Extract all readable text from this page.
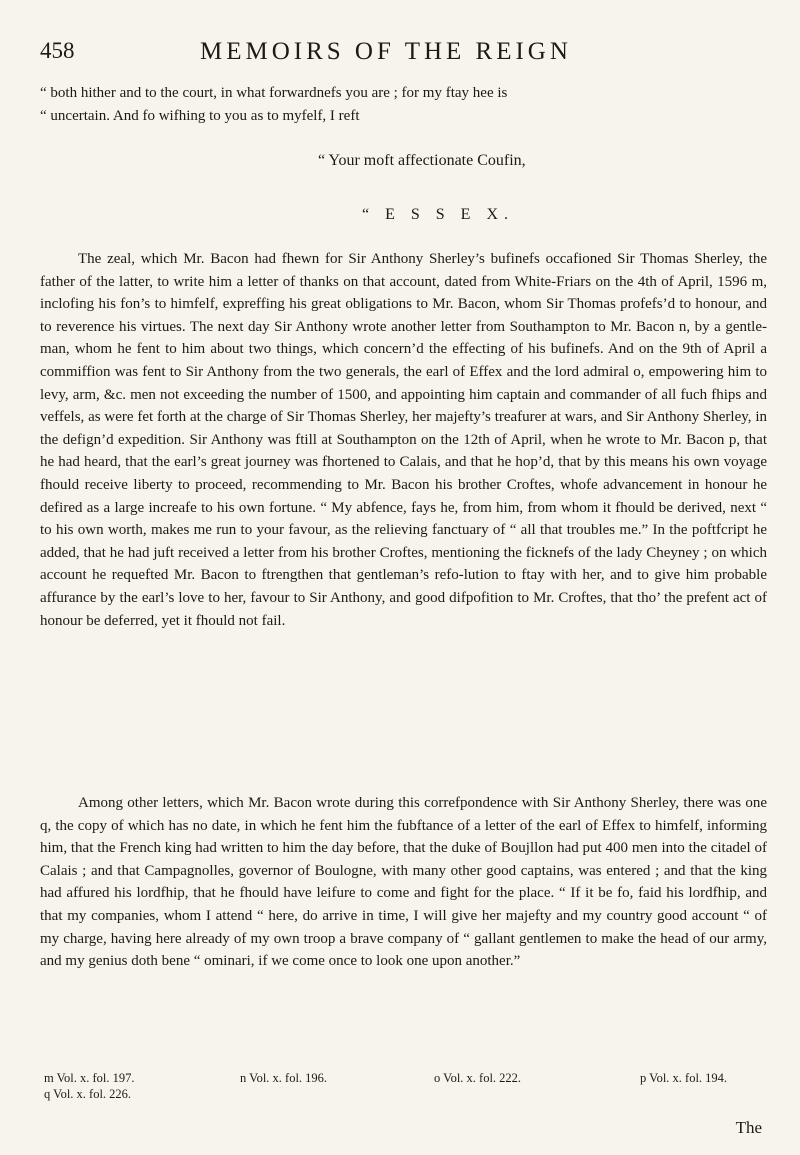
458	MEMOIRS OF THE REIGN
“ both hither and to the court, in what forwardnefs you are ; for my ftay hee is
“ uncertain. And fo wifhing to you as to myfelf, I reft
“ Your moft affectionate Coufin,
“ E S S E X.

The zeal, which Mr. Bacon had fhewn for Sir Anthony Sherley’s bufinefs occafioned Sir Thomas Sherley, the father of the latter, to write him a letter of thanks on that account, dated from White-Friars on the 4th of April, 1596 m, inclofing his fon’s to himfelf, expreffing his great obligations to Mr. Bacon, whom Sir Thomas profefs’d to honour, and to reverence his virtues. The next day Sir Anthony wrote another letter from Southampton to Mr. Bacon n, by a gentle-man, whom he fent to him about two things, which concern’d the effecting of his bufinefs. And on the 9th of April a commiffion was fent to Sir Anthony from the two generals, the earl of Effex and the lord admiral o, empowering him to levy, arm, &c. men not exceeding the number of 1500, and appointing him captain and commander of all fuch fhips and veffels, as were fet forth at the charge of Sir Thomas Sherley, her majefty’s treafurer at wars, and Sir Anthony Sherley, in the defign’d expedition. Sir Anthony was ftill at Southampton on the 12th of April, when he wrote to Mr. Bacon p, that he had heard, that the earl’s great journey was fhortened to Calais, and that he hop’d, that by this means his own voyage fhould receive liberty to proceed, recommending to Mr. Bacon his brother Croftes, whofe advancement in honour he defired as a large increafe to his own fortune. “ My abfence, fays he, from him, from whom it fhould be derived, next “ to his own worth, makes me run to your favour, as the relieving fanctuary of “ all that troubles me.” In the poftfcript he added, that he had juft received a letter from his brother Croftes, mentioning the ficknefs of the lady Cheyney ; on which account he requefted Mr. Bacon to ftrengthen that gentleman’s refo-lution to ftay with her, and to give him probable affurance by the earl’s love to her, favour to Sir Anthony, and good difpofition to Mr. Croftes, that tho’ the prefent act of honour be deferred, yet it fhould not fail.

Among other letters, which Mr. Bacon wrote during this correfpondence with Sir Anthony Sherley, there was one q, the copy of which has no date, in which he fent him the fubftance of a letter of the earl of Effex to himfelf, informing him, that the French king had written to him the day before, that the duke of Boujllon had put 400 men into the citadel of Calais ; and that Campagnolles, governor of Boulogne, with many other good captains, was entered ; and that the king had affured his lordfhip, that he fhould have leifure to come and fight for the place. “ If it be fo, faid his lordfhip, and that my companies, whom I attend “ here, do arrive in time, I will give her majefty and my country good account “ of my charge, having here already of my own troop a brave company of “ gallant gentlemen to make the head of our army, and my genius doth bene “ ominari, if we come once to look one upon another.”

m Vol. x. fol. 197.	n Vol. x. fol. 196.	o Vol. x. fol. 222.	p Vol. x. fol. 194.
q Vol. x. fol. 226.
The
